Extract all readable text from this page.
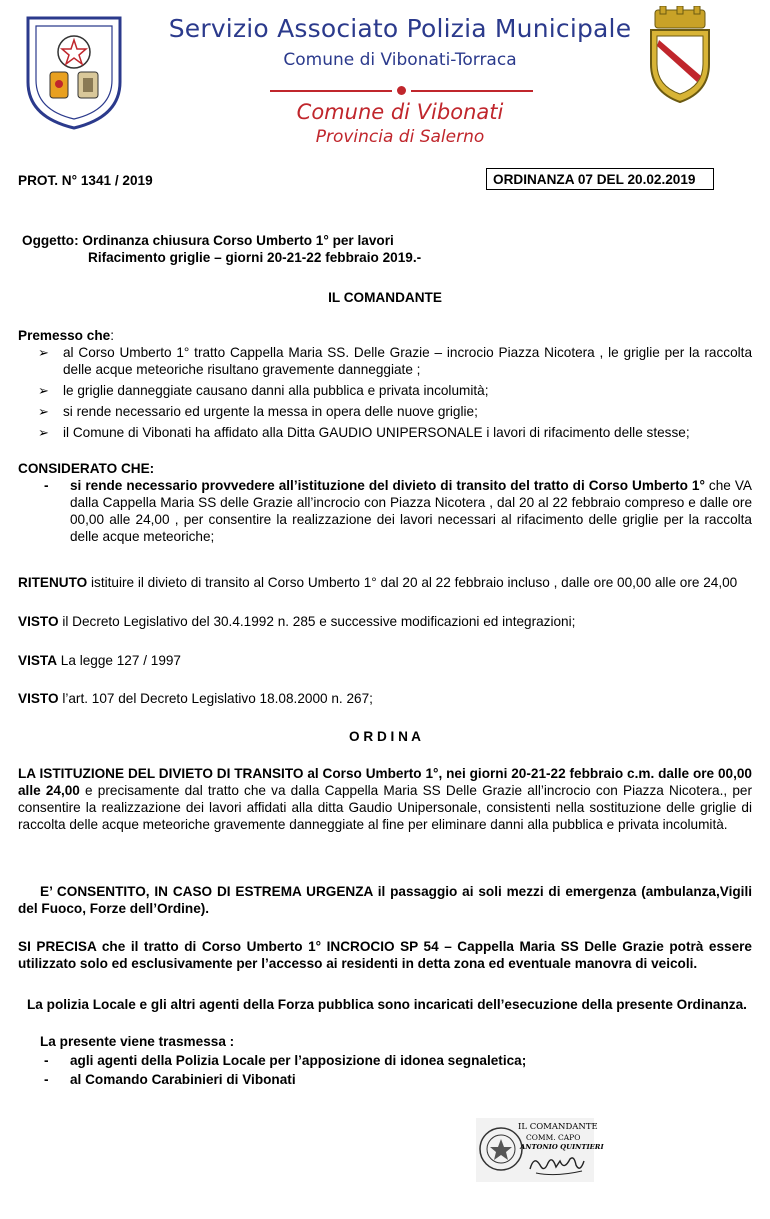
Servizio Associato Polizia Municipale
Comune di Vibonati-Torraca
Comune di Vibonati
Provincia di Salerno
PROT. N° 1341 / 2019	ORDINANZA 07 DEL 20.02.2019
Oggetto: Ordinanza chiusura Corso Umberto 1° per lavori
Rifacimento griglie – giorni 20-21-22 febbraio 2019.-
IL COMANDANTE
Premesso che:
➢ al Corso Umberto 1° tratto Cappella Maria SS. Delle Grazie – incrocio Piazza Nicotera , le griglie per la raccolta delle acque meteoriche risultano gravemente danneggiate ;
➢ le griglie danneggiate causano danni alla pubblica e privata incolumità;
➢ si rende necessario ed urgente la messa in opera delle nuove griglie;
➢ il Comune di Vibonati ha affidato alla Ditta GAUDIO UNIPERSONALE i lavori di rifacimento delle stesse;
CONSIDERATO CHE:
- si rende necessario provvedere all’istituzione del divieto di transito del tratto di Corso Umberto 1° che VA dalla Cappella Maria SS delle Grazie all’incrocio con Piazza Nicotera , dal 20 al 22 febbraio compreso e dalle ore 00,00 alle 24,00 , per consentire la realizzazione dei lavori necessari al rifacimento delle griglie per la raccolta delle acque meteoriche;
RITENUTO istituire il divieto di transito al Corso Umberto 1° dal 20 al 22 febbraio incluso , dalle ore 00,00 alle ore 24,00
VISTO il Decreto Legislativo del 30.4.1992 n. 285 e successive modificazioni ed integrazioni;
VISTA La legge 127 / 1997
VISTO l’art. 107 del Decreto Legislativo 18.08.2000 n. 267;
O R D I N A
LA ISTITUZIONE DEL DIVIETO DI TRANSITO al Corso Umberto 1°, nei giorni 20-21-22 febbraio c.m. dalle ore 00,00 alle 24,00 e precisamente dal tratto che va dalla Cappella Maria SS Delle Grazie all’incrocio con Piazza Nicotera., per consentire la realizzazione dei lavori affidati alla ditta Gaudio Unipersonale, consistenti nella sostituzione delle griglie di raccolta delle acque meteoriche gravemente danneggiate al fine per eliminare danni alla pubblica e privata incolumità.
E’ CONSENTITO, IN CASO DI ESTREMA URGENZA il passaggio ai soli mezzi di emergenza (ambulanza,Vigili del Fuoco, Forze dell’Ordine).
SI PRECISA che il tratto di Corso Umberto 1° INCROCIO SP 54 – Cappella Maria SS Delle Grazie potrà essere utilizzato solo ed esclusivamente per l’accesso ai residenti in detta zona ed eventuale manovra di veicoli.
La polizia Locale e gli altri agenti della Forza pubblica sono incaricati dell’esecuzione della presente Ordinanza.
La presente viene trasmessa :
- agli agenti della Polizia Locale per l’apposizione di idonea segnaletica;
- al Comando Carabinieri di Vibonati
IL COMANDANTE
COMM. CAPO
ANTONIO QUINTIERI
